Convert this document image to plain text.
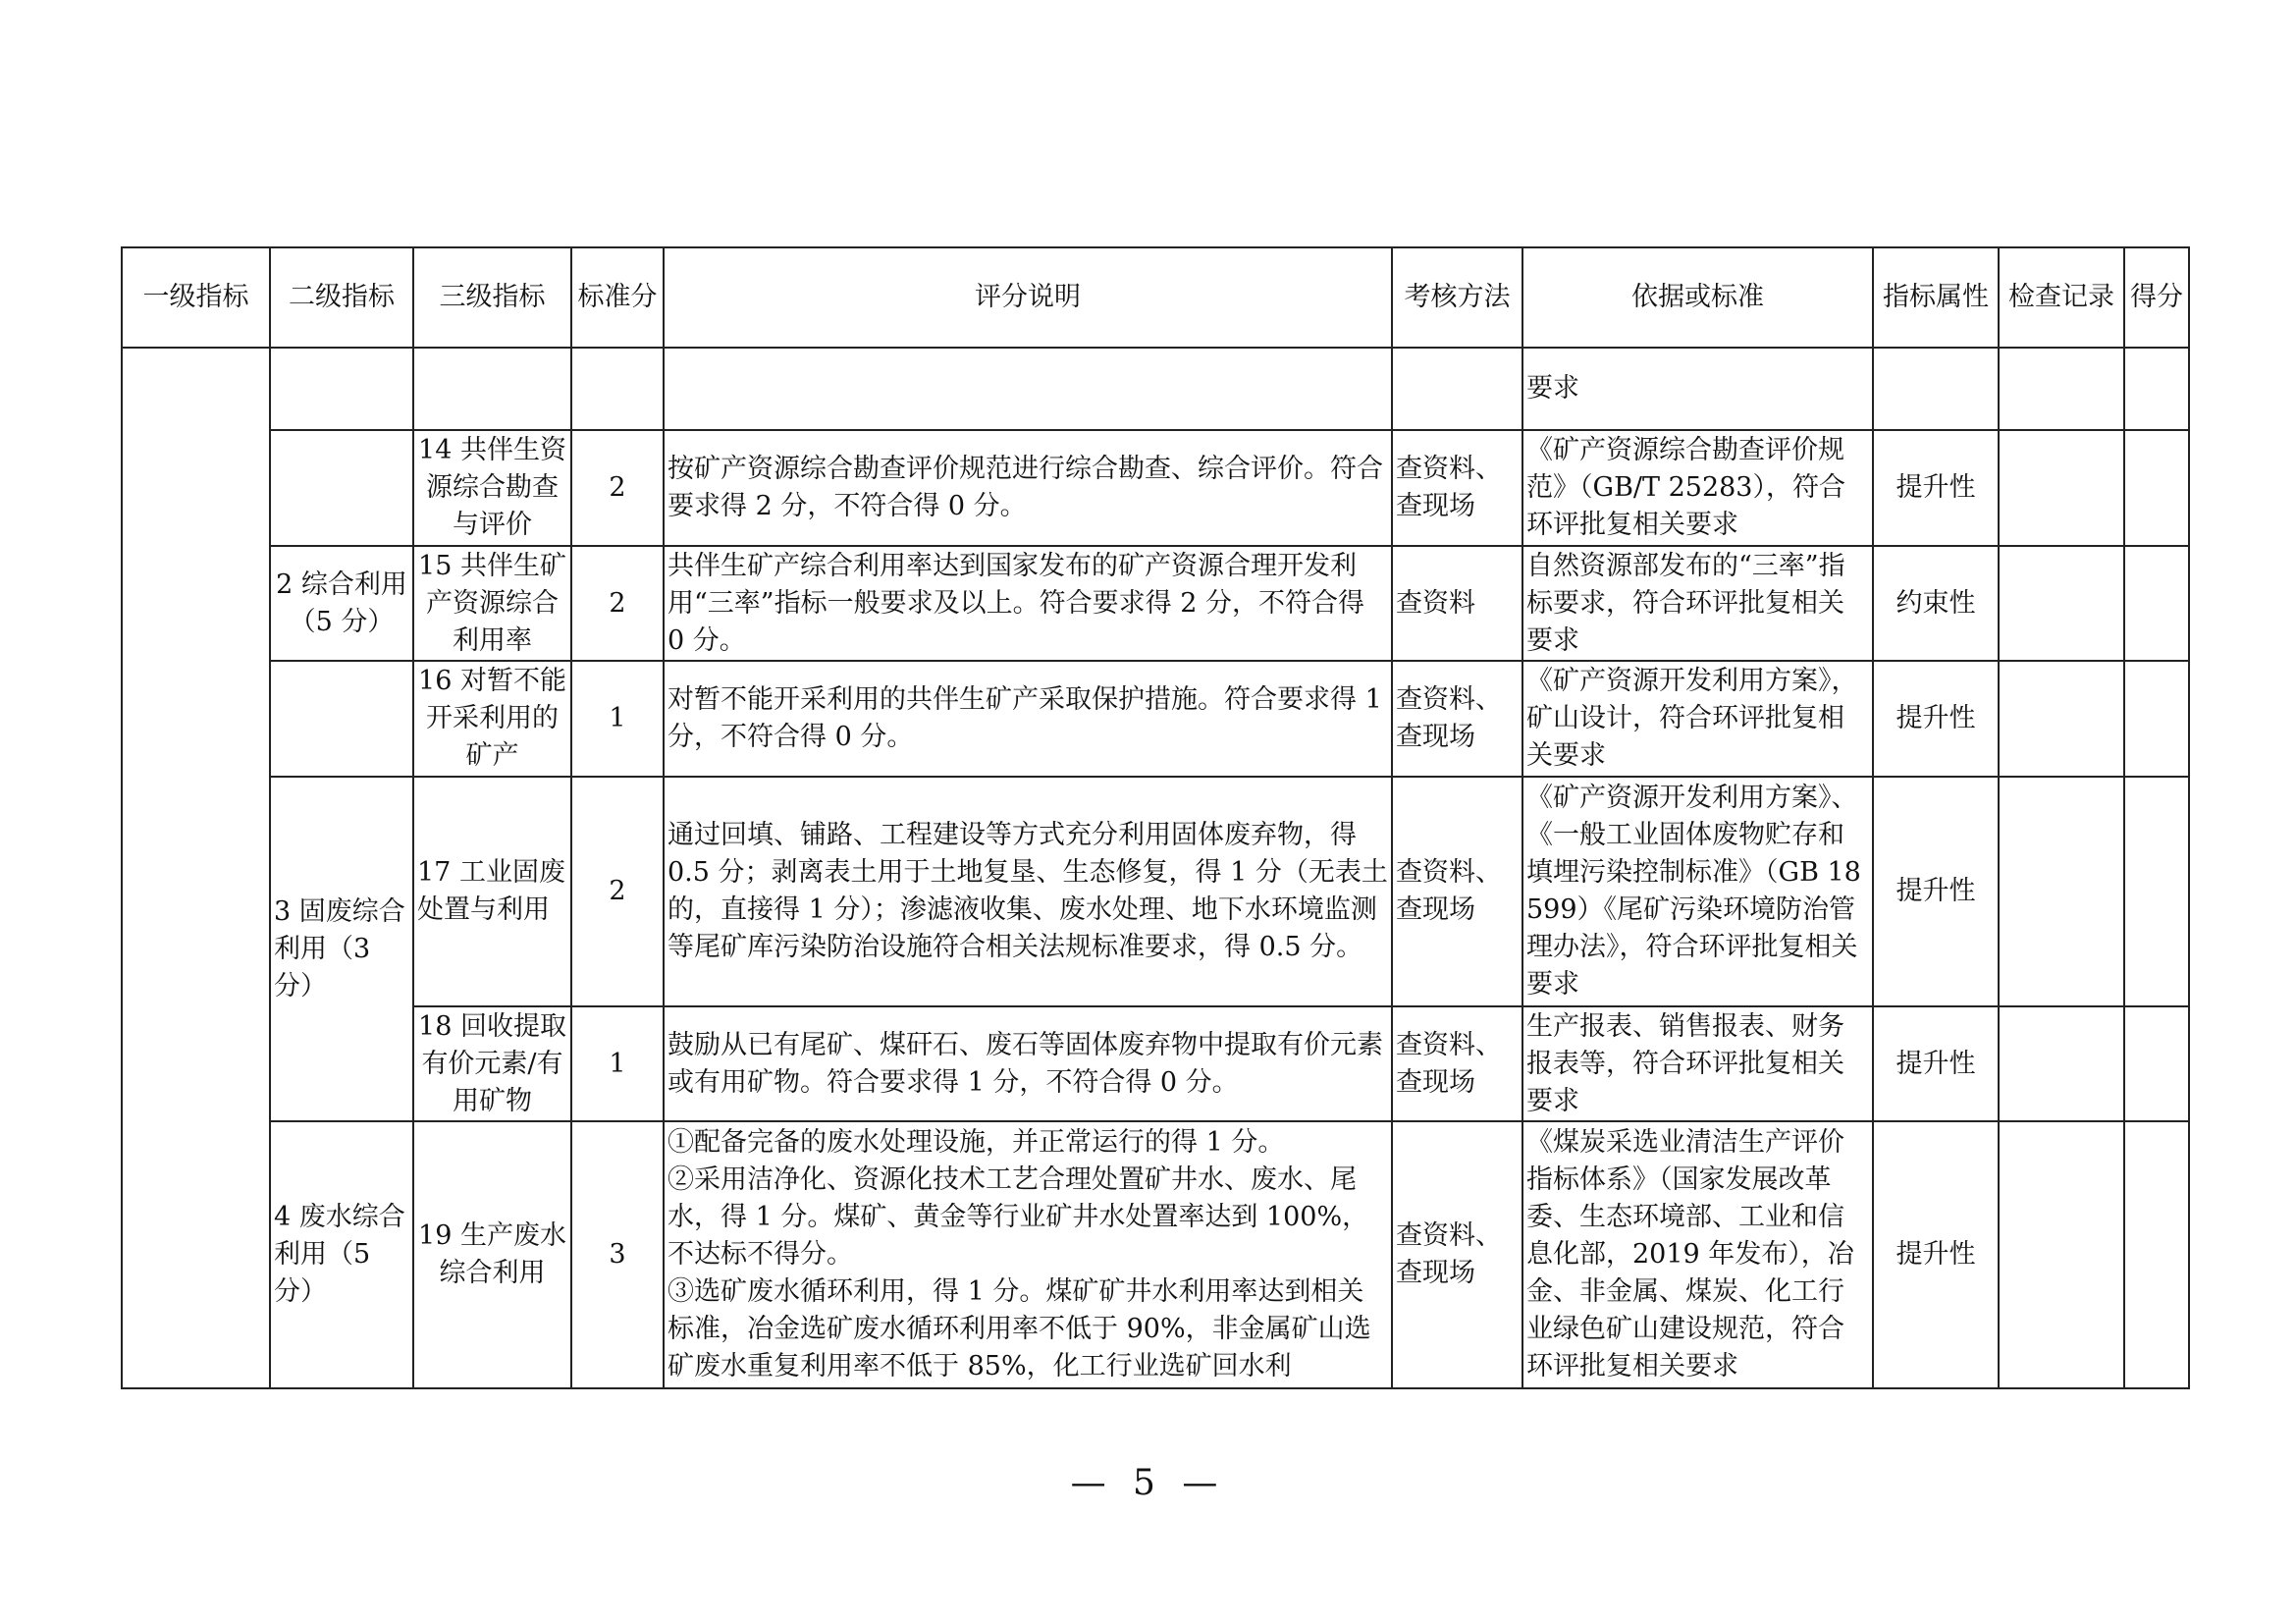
一级指标	二级指标	三级指标	标准分	评分说明	考核方法	依据或标准	指标属性	检查记录	得分
						要求			
		14 共伴生资源综合勘查与评价	2	按矿产资源综合勘查评价规范进行综合勘查、综合评价。符合要求得 2 分，不符合得 0 分。	查资料、查现场	《矿产资源综合勘查评价规范》（GB/T 25283），符合环评批复相关要求	提升性		
	2 综合利用（5 分）	15 共伴生矿产资源综合利用率	2	共伴生矿产综合利用率达到国家发布的矿产资源合理开发利用“三率”指标一般要求及以上。符合要求得 2 分，不符合得 0 分。	查资料	自然资源部发布的“三率”指标要求，符合环评批复相关要求	约束性		
		16 对暂不能开采利用的矿产	1	对暂不能开采利用的共伴生矿产采取保护措施。符合要求得 1 分，不符合得 0 分。	查资料、查现场	《矿产资源开发利用方案》，矿山设计，符合环评批复相关要求	提升性		
	3 固废综合利用（3 分）	17 工业固废处置与利用	2	通过回填、铺路、工程建设等方式充分利用固体废弃物，得 0.5 分；剥离表土用于土地复垦、生态修复，得 1 分（无表土的，直接得 1 分）；渗滤液收集、废水处理、地下水环境监测等尾矿库污染防治设施符合相关法规标准要求，得 0.5 分。	查资料、查现场	《矿产资源开发利用方案》、《一般工业固体废物贮存和填埋污染控制标准》（GB 18599）《尾矿污染环境防治管理办法》，符合环评批复相关要求	提升性		
		18 回收提取有价元素/有用矿物	1	鼓励从已有尾矿、煤矸石、废石等固体废弃物中提取有价元素或有用矿物。符合要求得 1 分，不符合得 0 分。	查资料、查现场	生产报表、销售报表、财务报表等，符合环评批复相关要求	提升性		
	4 废水综合利用（5 分）	19 生产废水综合利用	3	①配备完备的废水处理设施，并正常运行的得 1 分。
②采用洁净化、资源化技术工艺合理处置矿井水、废水、尾水，得 1 分。煤矿、黄金等行业矿井水处置率达到 100%，不达标不得分。
③选矿废水循环利用，得 1 分。煤矿矿井水利用率达到相关标准，冶金选矿废水循环利用率不低于 90%，非金属矿山选矿废水重复利用率不低于 85%，化工行业选矿回水利	查资料、查现场	《煤炭采选业清洁生产评价指标体系》（国家发展改革委、生态环境部、工业和信息化部，2019 年发布），冶金、非金属、煤炭、化工行业绿色矿山建设规范，符合环评批复相关要求	提升性		
— 5 —
